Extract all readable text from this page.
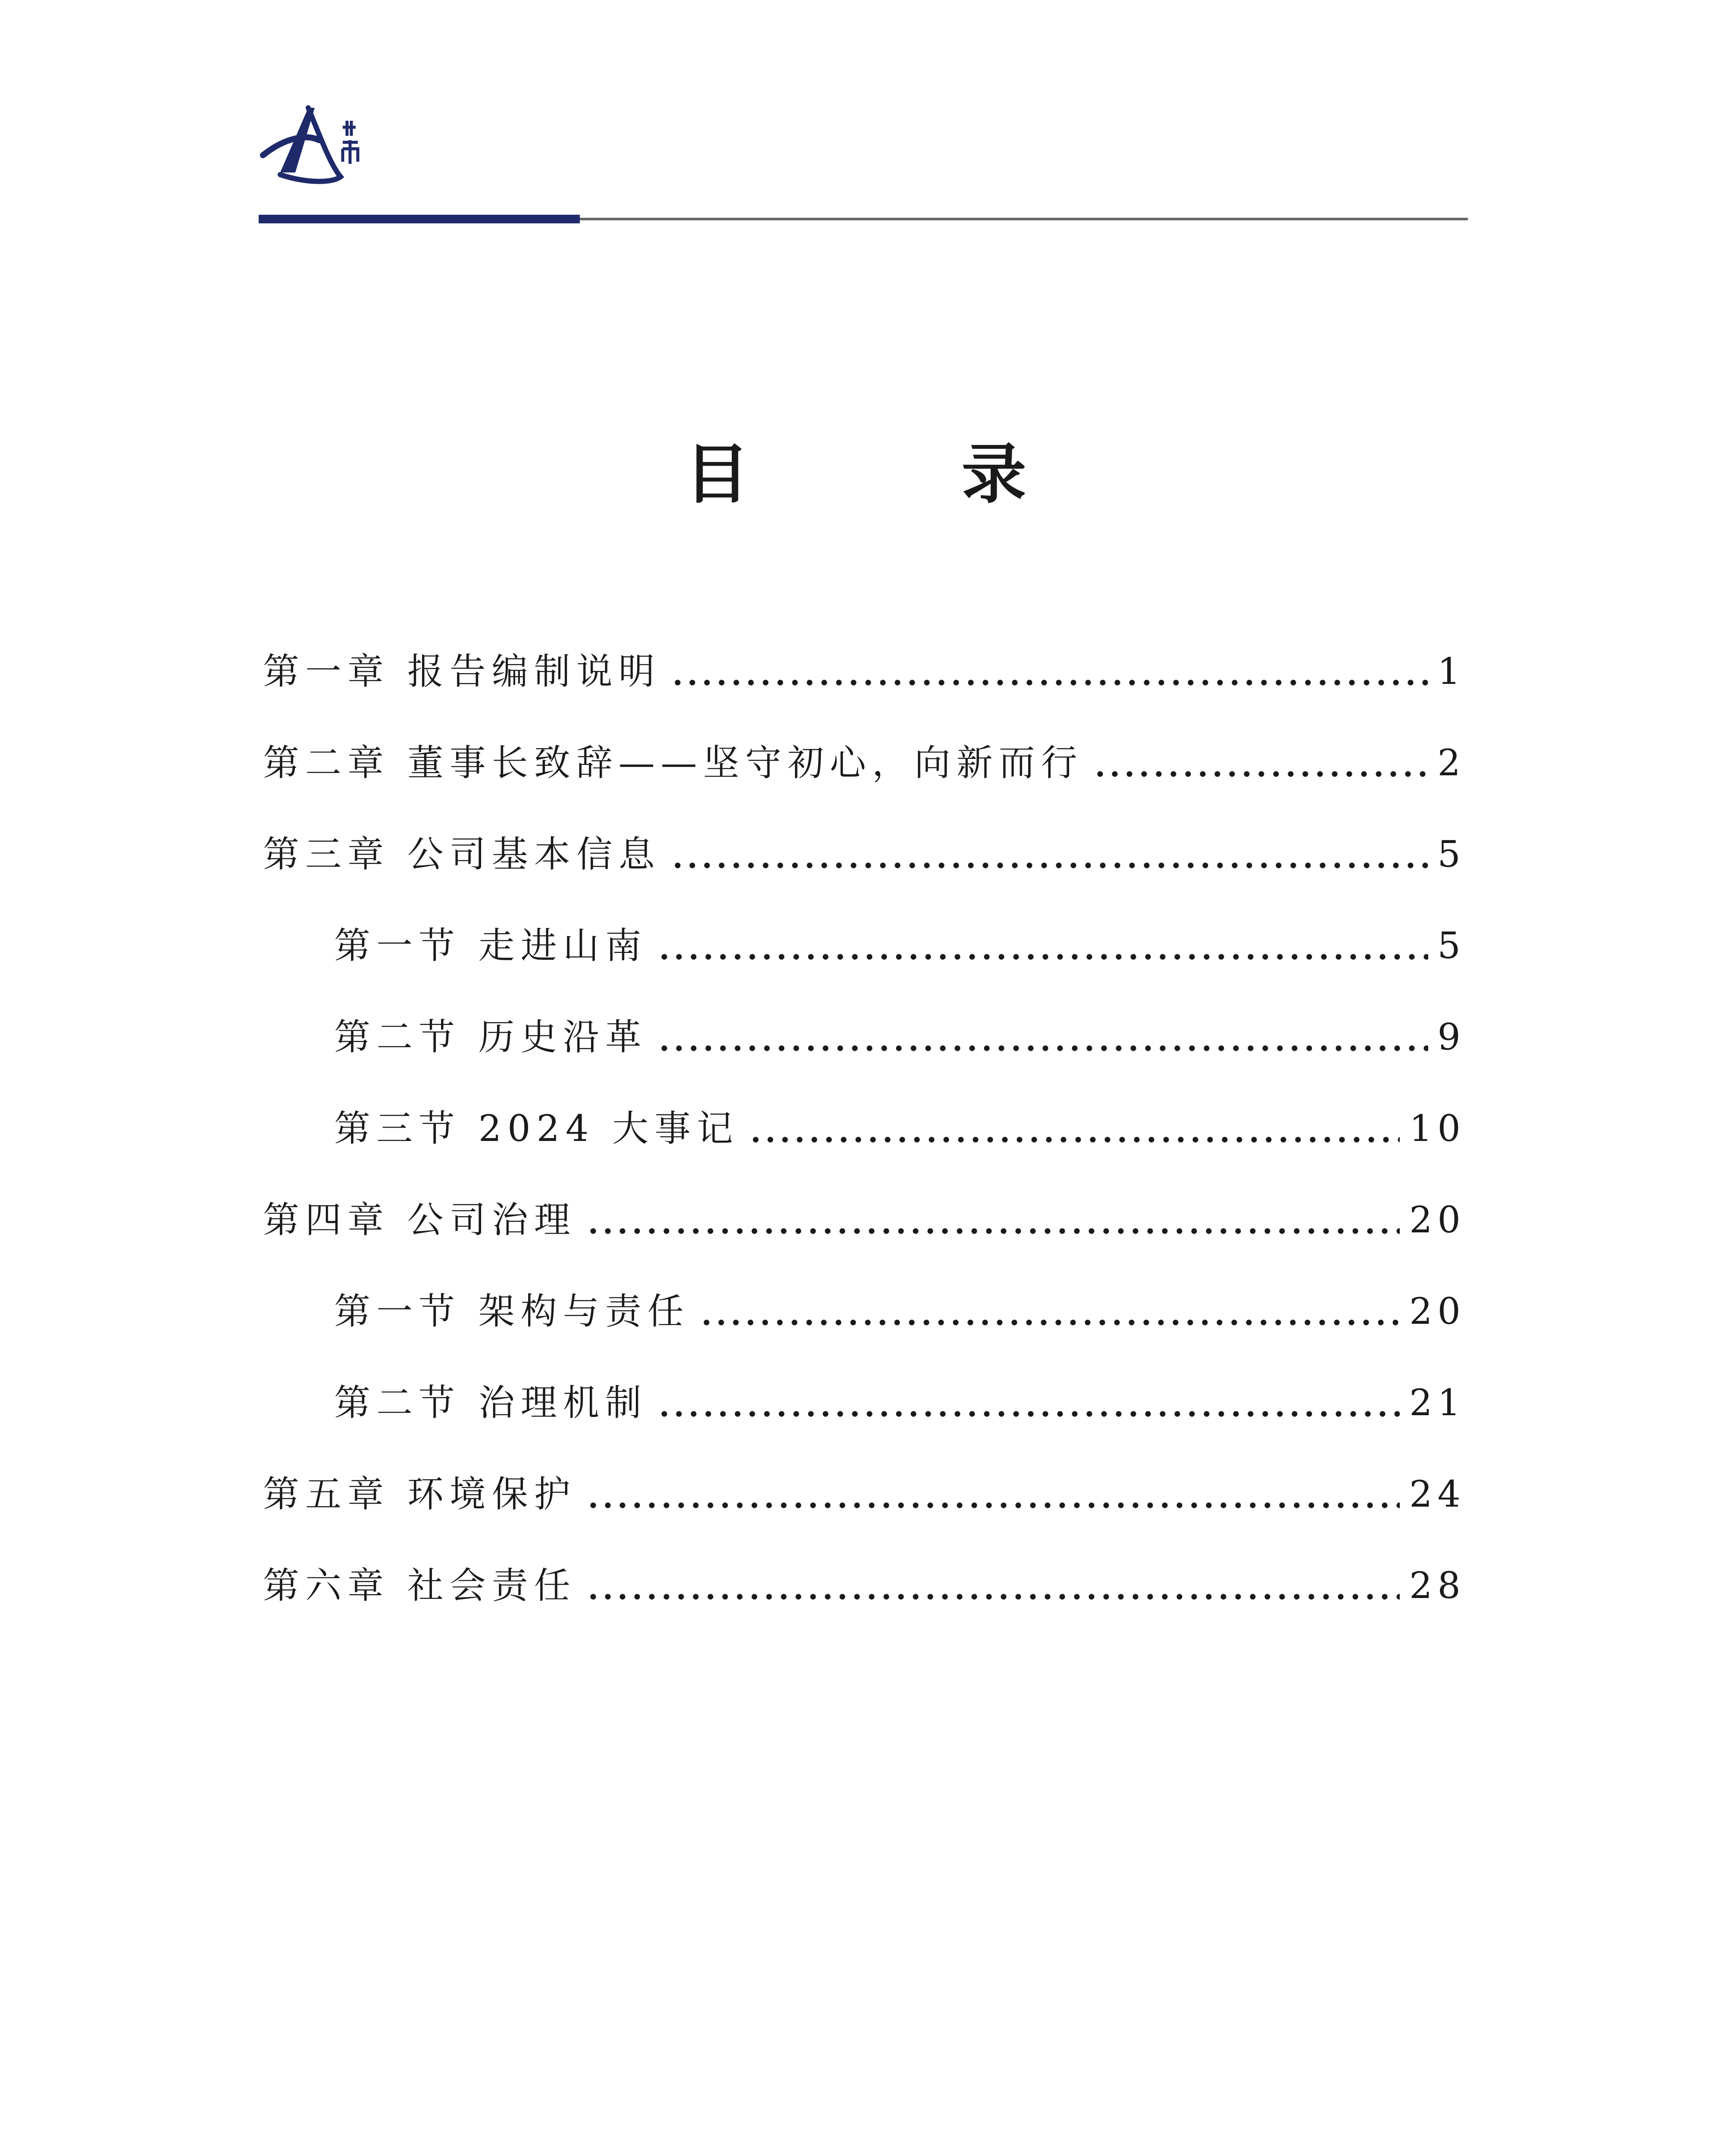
目 录
第一章 报告编制说明	1
第二章 董事长致辞——坚守初心，向新而行	2
第三章 公司基本信息	5
第一节 走进山南	5
第二节 历史沿革	9
第三节 2024 大事记	10
第四章 公司治理	20
第一节 架构与责任	20
第二节 治理机制	21
第五章 环境保护	24
第六章 社会责任	28
